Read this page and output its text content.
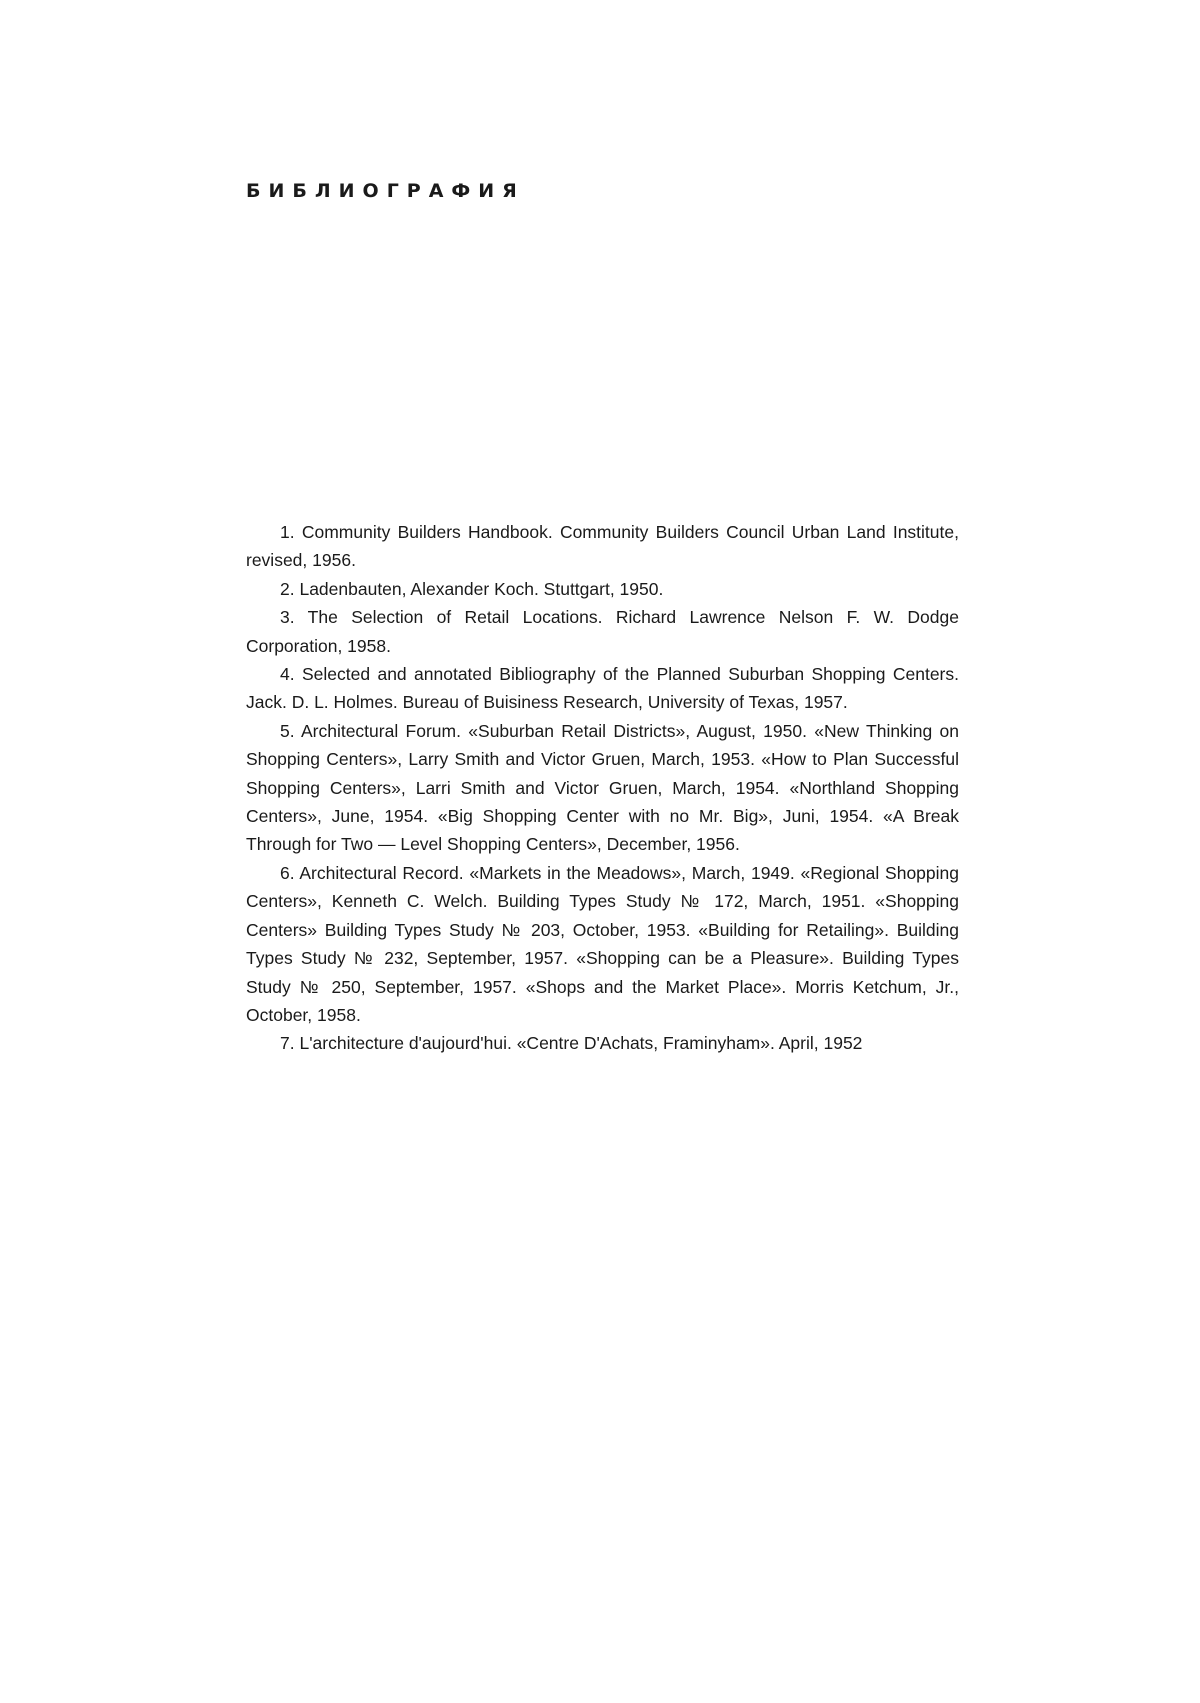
БИБЛИОГРАФИЯ
1. Community Builders Handbook. Community Builders Council Urban Land Institute, revised, 1956.
2. Ladenbauten, Alexander Koch. Stuttgart, 1950.
3. The Selection of Retail Locations. Richard Lawrence Nelson F. W. Dodge Corporation, 1958.
4. Selected and annotated Bibliography of the Planned Suburban Shopping Centers. Jack. D. L. Holmes. Bureau of Buisiness Research, University of Texas, 1957.
5. Architectural Forum. «Suburban Retail Districts», August, 1950. «New Thinking on Shopping Centers», Larry Smith and Victor Gruen, March, 1953. «How to Plan Successful Shopping Centers», Larri Smith and Victor Gruen, March, 1954. «Northland Shopping Centers», June, 1954. «Big Shopping Center with no Mr. Big», Juni, 1954. «A Break Through for Two — Level Shopping Centers», December, 1956.
6. Architectural Record. «Markets in the Meadows», March, 1949. «Regional Shopping Centers», Kenneth C. Welch. Building Types Study № 172, March, 1951. «Shopping Centers» Building Types Study № 203, October, 1953. «Building for Retailing». Building Types Study № 232, September, 1957. «Shopping can be a Pleasure». Building Types Study № 250, September, 1957. «Shops and the Market Place». Morris Ketchum, Jr., October, 1958.
7. L'architecture d'aujourd'hui. «Centre D'Achats, Framinyham». April, 1952
